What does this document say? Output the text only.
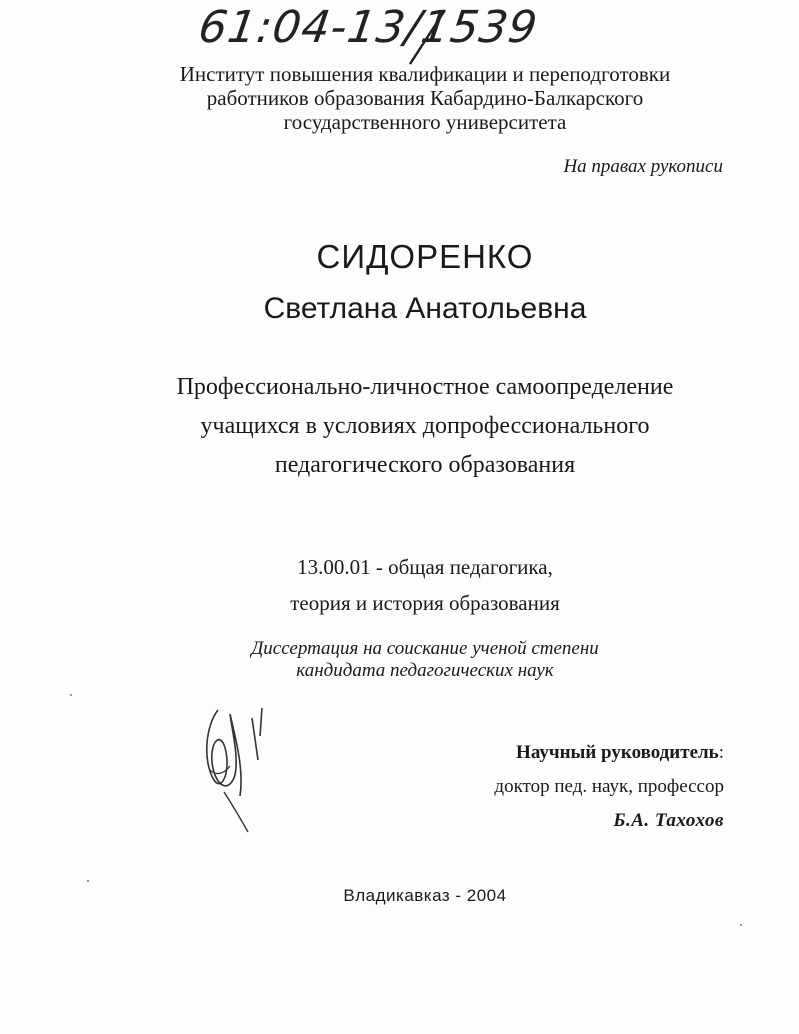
61:04-13/1539
Институт повышения квалификации и переподготовки
работников образования Кабардино-Балкарского
государственного университета
На правах рукописи
СИДОРЕНКО
Светлана Анатольевна
Профессионально-личностное самоопределение
учащихся в условиях допрофессионального
педагогического образования
13.00.01 - общая педагогика,
теория и история образования
Диссертация на соискание ученой степени
кандидата педагогических наук
Научный руководитель:
доктор пед. наук, профессор
Б.А. Тахохов
Владикавказ - 2004
